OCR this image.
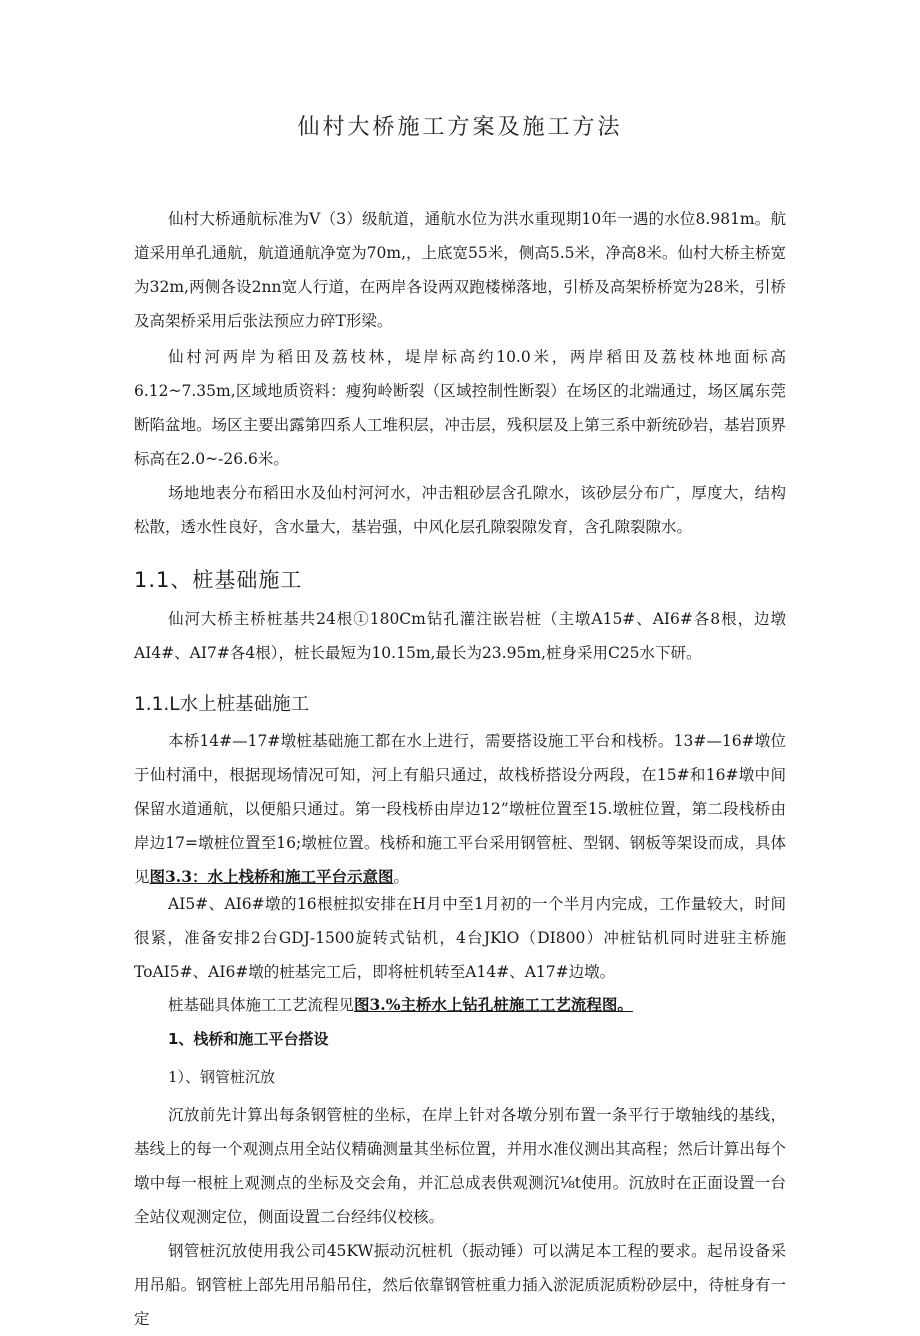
仙村大桥施工方案及施工方法

仙村大桥通航标准为Ⅴ（3）级航道，通航水位为洪水重现期10年一遇的水位8.981m。航道采用单孔通航，航道通航净宽为70m,，上底宽55米，侧高5.5米，净高8米。仙村大桥主桥宽为32m,两侧各设2nn宽人行道，在两岸各设两双跑楼梯落地，引桥及高架桥桥宽为28米，引桥及高架桥采用后张法预应力碎T形梁。

仙村河两岸为稻田及荔枝林，堤岸标高约10.0米，两岸稻田及荔枝林地面标高6.12~7.35m,区域地质资料：瘦狗岭断裂（区域控制性断裂）在场区的北端通过，场区属东莞断陷盆地。场区主要出露第四系人工堆积层，冲击层，残积层及上第三系中新统砂岩，基岩顶界标高在2.0~-26.6米。

场地地表分布稻田水及仙村河河水，冲击粗砂层含孔隙水，该砂层分布广，厚度大，结构松散，透水性良好，含水量大，基岩强，中风化层孔隙裂隙发育，含孔隙裂隙水。

1.1、桩基础施工

仙河大桥主桥桩基共24根①180Cm钻孔灌注嵌岩桩（主墩A15#、AI6#各8根，边墩AI4#、AI7#各4根），桩长最短为10.15m,最长为23.95m,桩身采用C25水下研。

1.1.L水上桩基础施工

本桥14#—17#墩桩基础施工都在水上进行，需要搭设施工平台和栈桥。13#—16#墩位于仙村涌中，根据现场情况可知，河上有船只通过，故栈桥搭设分两段，在15#和16#墩中间保留水道通航，以便船只通过。第一段栈桥由岸边12”墩桩位置至15.墩桩位置，第二段栈桥由岸边17=墩桩位置至16;墩桩位置。栈桥和施工平台采用钢管桩、型钢、钢板等架设而成，具体见图3.3：水上栈桥和施工平台示意图。

AI5#、AI6#墩的16根桩拟安排在H月中至1月初的一个半月内完成，工作量较大，时间很紧，准备安排2台GDJ-1500旋转式钻机，4台JKlO（DI800）冲桩钻机同时进驻主桥施ToAI5#、AI6#墩的桩基完工后，即将桩机转至A14#、A17#边墩。

桩基础具体施工工艺流程见图3.%主桥水上钻孔桩施工工艺流程图。

1、栈桥和施工平台搭设
1）、钢管桩沉放

沉放前先计算出每条钢管桩的坐标，在岸上针对各墩分别布置一条平行于墩轴线的基线，基线上的每一个观测点用全站仪精确测量其坐标位置，并用水准仪测出其高程；然后计算出每个墩中每一根桩上观测点的坐标及交会角，并汇总成表供观测沉⅛t使用。沉放时在正面设置一台全站仪观测定位，侧面设置二台经纬仪校核。

钢管桩沉放使用我公司45KW振动沉桩机（振动锤）可以满足本工程的要求。起吊设备采用吊船。钢管桩上部先用吊船吊住，然后依靠钢管桩重力插入淤泥质泥质粉砂层中，待桩身有一定
